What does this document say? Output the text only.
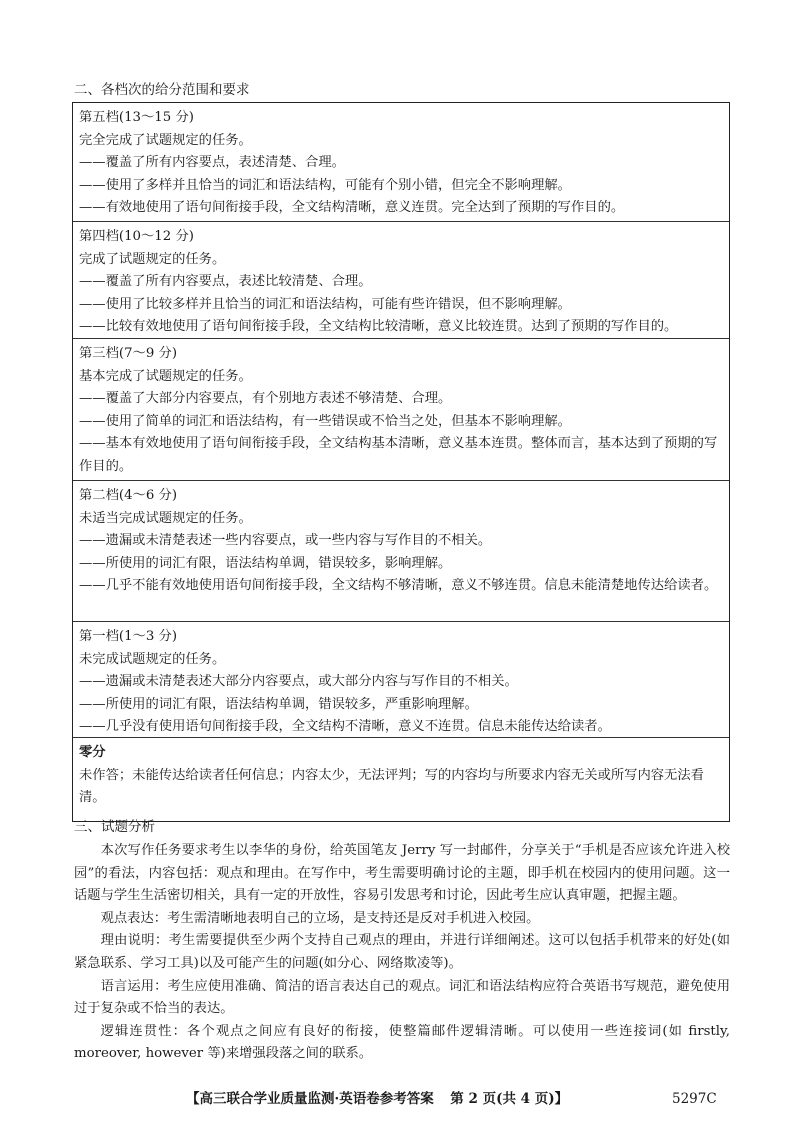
二、各档次的给分范围和要求
第五档(13～15 分)
完全完成了试题规定的任务。
——覆盖了所有内容要点，表述清楚、合理。
——使用了多样并且恰当的词汇和语法结构，可能有个别小错，但完全不影响理解。
——有效地使用了语句间衔接手段，全文结构清晰，意义连贯。完全达到了预期的写作目的。
第四档(10～12 分)
完成了试题规定的任务。
——覆盖了所有内容要点，表述比较清楚、合理。
——使用了比较多样并且恰当的词汇和语法结构，可能有些许错误，但不影响理解。
——比较有效地使用了语句间衔接手段，全文结构比较清晰，意义比较连贯。达到了预期的写作目的。
第三档(7～9 分)
基本完成了试题规定的任务。
——覆盖了大部分内容要点，有个别地方表述不够清楚、合理。
——使用了简单的词汇和语法结构，有一些错误或不恰当之处，但基本不影响理解。
——基本有效地使用了语句间衔接手段，全文结构基本清晰，意义基本连贯。整体而言，基本达到了预期的写作目的。
第二档(4～6 分)
未适当完成试题规定的任务。
——遗漏或未清楚表述一些内容要点，或一些内容与写作目的不相关。
——所使用的词汇有限，语法结构单调，错误较多，影响理解。
——几乎不能有效地使用语句间衔接手段，全文结构不够清晰，意义不够连贯。信息未能清楚地传达给读者。
第一档(1～3 分)
未完成试题规定的任务。
——遗漏或未清楚表述大部分内容要点，或大部分内容与写作目的不相关。
——所使用的词汇有限，语法结构单调，错误较多，严重影响理解。
——几乎没有使用语句间衔接手段，全文结构不清晰，意义不连贯。信息未能传达给读者。
零分
未作答；未能传达给读者任何信息；内容太少，无法评判；写的内容均与所要求内容无关或所写内容无法看清。
三、试题分析

本次写作任务要求考生以李华的身份，给英国笔友 Jerry 写一封邮件，分享关于“手机是否应该允许进入校园”的看法，内容包括：观点和理由。在写作中，考生需要明确讨论的主题，即手机在校园内的使用问题。这一话题与学生生活密切相关，具有一定的开放性，容易引发思考和讨论，因此考生应认真审题，把握主题。

观点表达：考生需清晰地表明自己的立场，是支持还是反对手机进入校园。

理由说明：考生需要提供至少两个支持自己观点的理由，并进行详细阐述。这可以包括手机带来的好处(如紧急联系、学习工具)以及可能产生的问题(如分心、网络欺凌等)。

语言运用：考生应使用准确、简洁的语言表达自己的观点。词汇和语法结构应符合英语书写规范，避免使用过于复杂或不恰当的表达。

逻辑连贯性：各个观点之间应有良好的衔接，使整篇邮件逻辑清晰。可以使用一些连接词(如 firstly, moreover, however 等)来增强段落之间的联系。

【高三联合学业质量监测·英语卷参考答案 第 2 页(共 4 页)】	5297C
